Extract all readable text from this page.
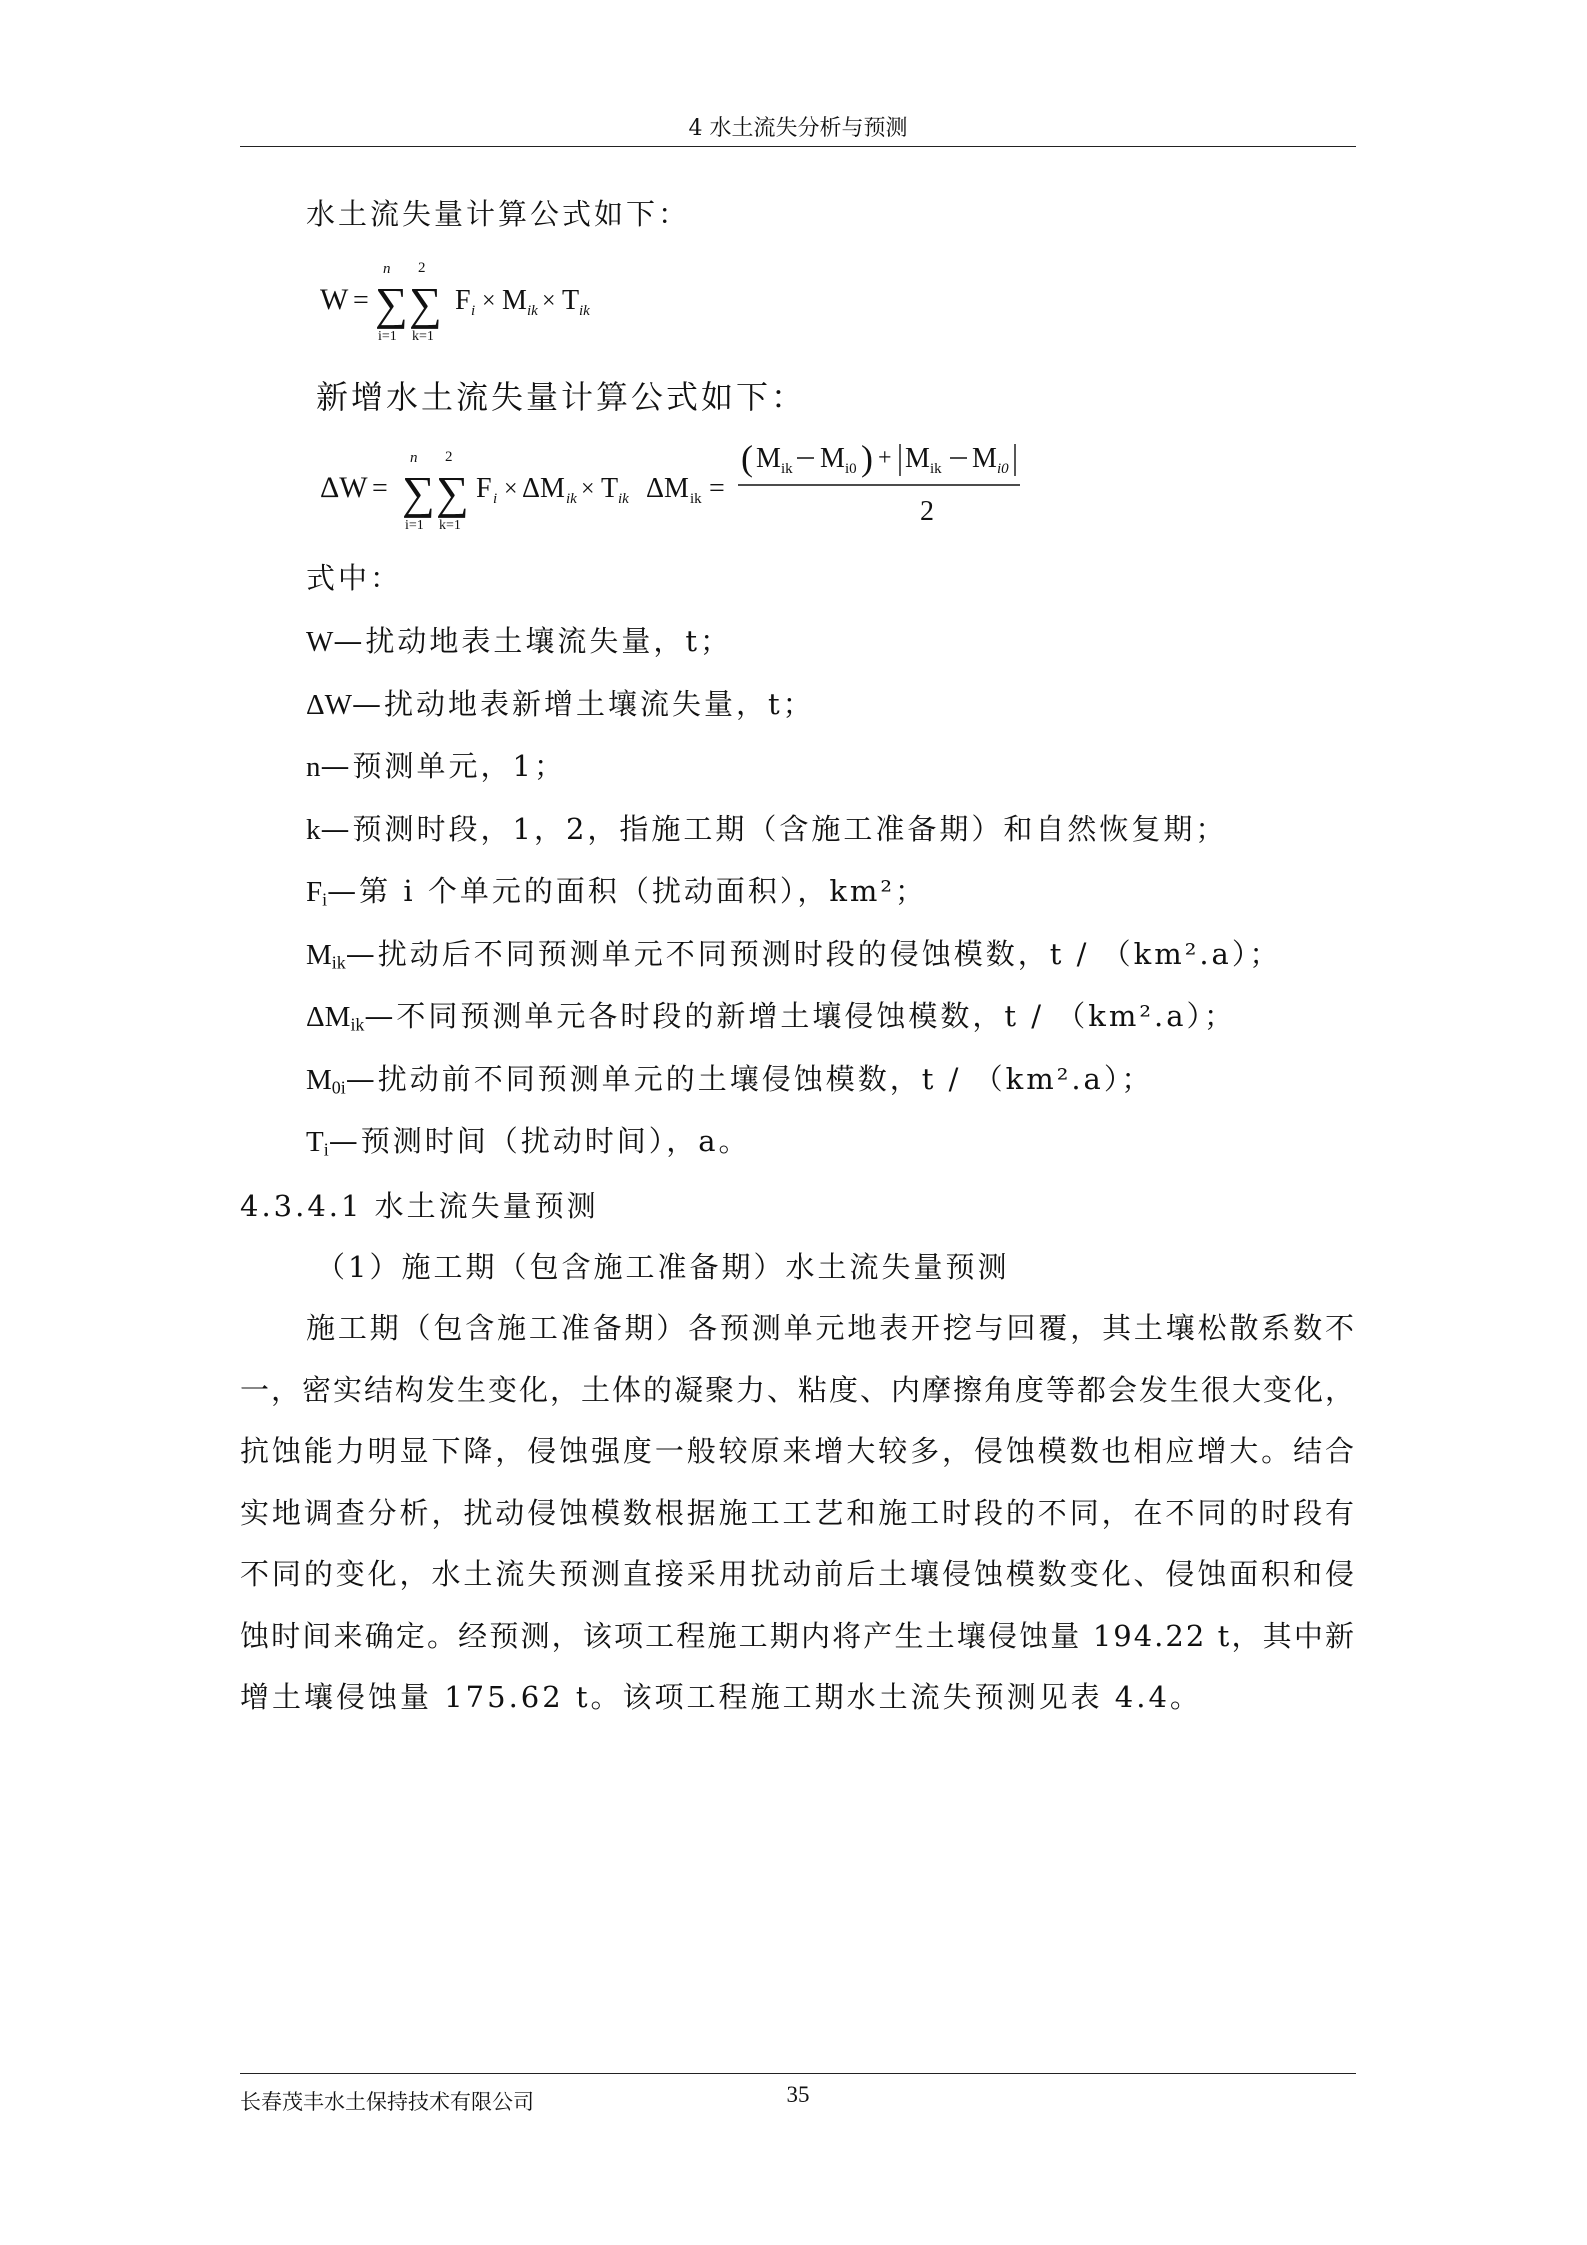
4 水土流失分析与预测
水土流失量计算公式如下：
W =
n
∑
i=1
2
∑
k=1
F i × M ik × T ik
新增水土流失量计算公式如下：
ΔW =
n
∑
i=1
2
∑
k=1
F i × ΔM ik × T ik ΔM ik =
( M ik M i0 ) + M ik M i0
2
式中：
W—扰动地表土壤流失量，t；
ΔW—扰动地表新增土壤流失量，t；
n—预测单元，1；
k—预测时段，1，2，指施工期（含施工准备期）和自然恢复期；
$F_i—$第 i 个单元的面积（扰动面积），km²；
$M_{ik}—$扰动后不同预测单元不同预测时段的侵蚀模数，t / （km².a）；
$\Delta M_{ik}—$不同预测单元各时段的新增土壤侵蚀模数，t / （km².a）；
$M_{0i}—$扰动前不同预测单元的土壤侵蚀模数，t / （km².a）；
$T_i—$预测时间（扰动时间），a。
4.3.4.1 水土流失量预测
（1）施工期（包含施工准备期）水土流失量预测
施工期（包含施工准备期）各预测单元地表开挖与回覆，其土壤松散系数不
一，密实结构发生变化，土体的凝聚力、粘度、内摩擦角度等都会发生很大变化，
抗蚀能力明显下降，侵蚀强度一般较原来增大较多，侵蚀模数也相应增大。结合
实地调查分析，扰动侵蚀模数根据施工工艺和施工时段的不同，在不同的时段有
不同的变化，水土流失预测直接采用扰动前后土壤侵蚀模数变化、侵蚀面积和侵
蚀时间来确定。经预测，该项工程施工期内将产生土壤侵蚀量 194.22 t，其中新
增土壤侵蚀量 175.62 t。该项工程施工期水土流失预测见表 4.4。
长春茂丰水土保持技术有限公司	35
